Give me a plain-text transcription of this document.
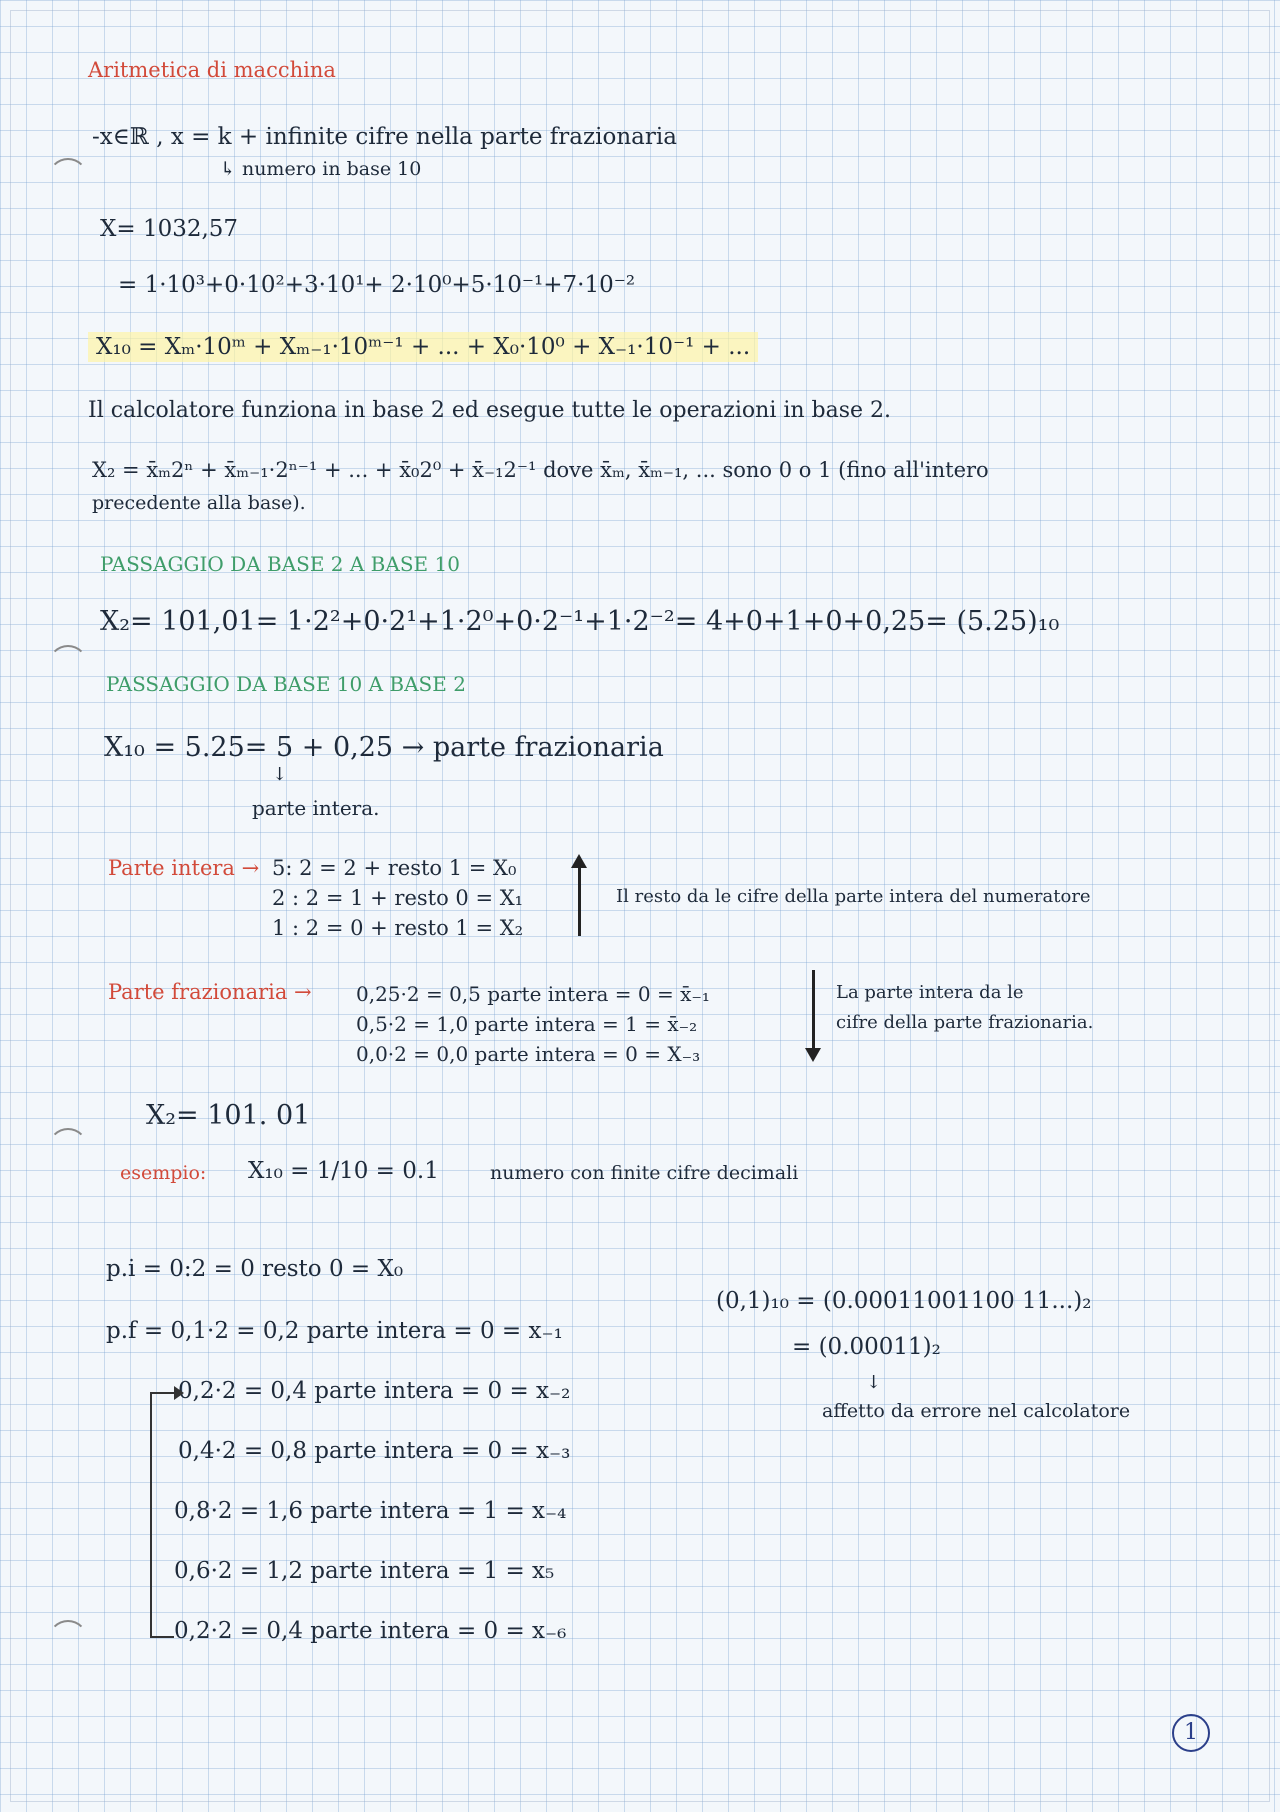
Aritmetica di macchina
-x∈ℝ , x = k + infinite cifre nella parte frazionaria
↳ numero in base 10
X= 1032,57
= 1·10³+0·10²+3·10¹+ 2·10⁰+5·10⁻¹+7·10⁻²
X₁₀ = Xₘ·10ᵐ + Xₘ₋₁·10ᵐ⁻¹ + ... + X₀·10⁰ + X₋₁·10⁻¹ + ...
Il calcolatore funziona in base 2 ed esegue tutte le operazioni in base 2.
X₂ = x̄ₘ2ⁿ + x̄ₘ₋₁·2ⁿ⁻¹ + ... + x̄₀2⁰ + x̄₋₁2⁻¹ dove x̄ₘ, x̄ₘ₋₁, ... sono 0 o 1 (fino all'intero
precedente alla base).
PASSAGGIO DA BASE 2 A BASE 10
X₂= 101,01= 1·2²+0·2¹+1·2⁰+0·2⁻¹+1·2⁻²= 4+0+1+0+0,25= (5.25)₁₀
PASSAGGIO DA BASE 10 A BASE 2
X₁₀ = 5.25= 5 + 0,25 → parte frazionaria
↓
parte intera.
Parte intera → 5: 2 = 2 + resto 1 = X₀
2 : 2 = 1 + resto 0 = X₁
1 : 2 = 0 + resto 1 = X₂
Il resto da le cifre della parte intera del numeratore
Parte frazionaria → 0,25·2 = 0,5 parte intera = 0 = x̄₋₁
0,5·2 = 1,0 parte intera = 1 = x̄₋₂
0,0·2 = 0,0 parte intera = 0 = X₋₃
La parte intera da le
cifre della parte frazionaria.
X₂= 101. 01
esempio: X₁₀ = 1/10 = 0.1	numero con finite cifre decimali
p.i = 0:2 = 0 resto 0 = X₀
p.f = 0,1·2 = 0,2 parte intera = 0 = x₋₁
0,2·2 = 0,4 parte intera = 0 = x₋₂
0,4·2 = 0,8 parte intera = 0 = x₋₃
0,8·2 = 1,6 parte intera = 1 = x₋₄
0,6·2 = 1,2 parte intera = 1 = x₅
0,2·2 = 0,4 parte intera = 0 = x₋₆
(0,1)₁₀ = (0.00011001100 11...)₂
= (0.00011)₂
↓
affetto da errore nel calcolatore
1
